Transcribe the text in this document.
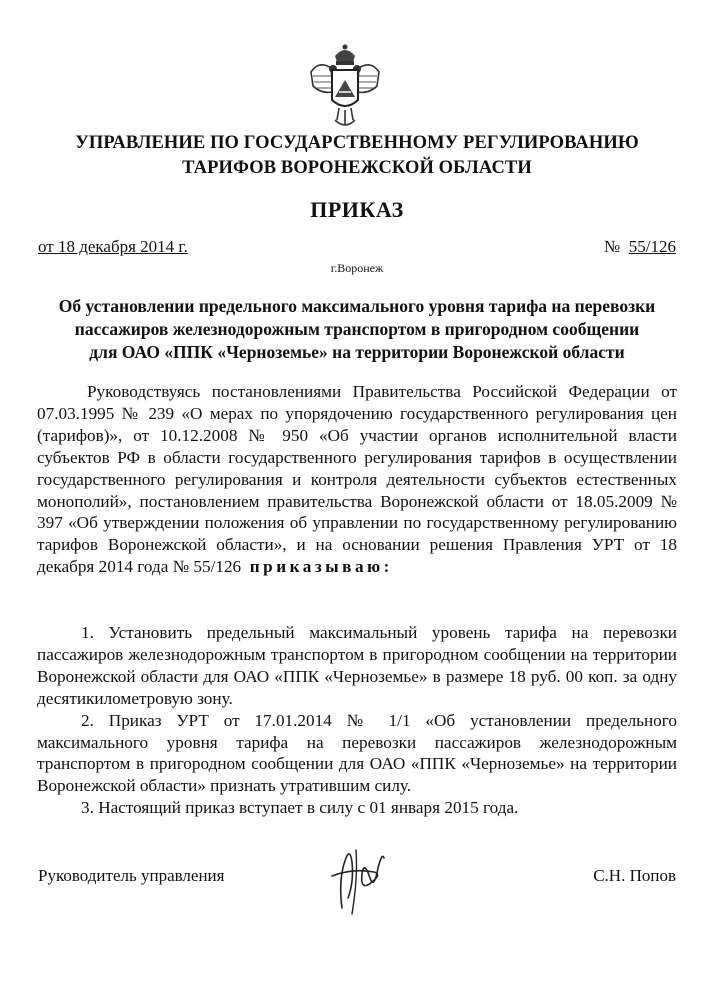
УПРАВЛЕНИЕ ПО ГОСУДАРСТВЕННОМУ РЕГУЛИРОВАНИЮ
ТАРИФОВ ВОРОНЕЖСКОЙ ОБЛАСТИ
ПРИКАЗ
от 18 декабря 2014 г.	№ 55/126
г.Воронеж
Об установлении предельного максимального уровня тарифа на перевозки
пассажиров железнодорожным транспортом в пригородном сообщении
для ОАО «ППК «Черноземье» на территории Воронежской области
Руководствуясь постановлениями Правительства Российской Федерации от 07.03.1995 № 239 «О мерах по упорядочению государственного регулирования цен (тарифов)», от 10.12.2008 № 950 «Об участии органов исполнительной власти субъектов РФ в области государственного регулирования тарифов в осуществлении государственного регулирования и контроля деятельности субъектов естественных монополий», постановлением правительства Воронежской области от 18.05.2009 № 397 «Об утверждении положения об управлении по государственному регулированию тарифов Воронежской области», и на основании решения Правления УРТ от 18 декабря 2014 года № 55/126 приказываю:

1. Установить предельный максимальный уровень тарифа на перевозки пассажиров железнодорожным транспортом в пригородном сообщении на территории Воронежской области для ОАО «ППК «Черноземье» в размере 18 руб. 00 коп. за одну десятикилометровую зону.

2. Приказ УРТ от 17.01.2014 № 1/1 «Об установлении предельного максимального уровня тарифа на перевозки пассажиров железнодорожным транспортом в пригородном сообщении для ОАО «ППК «Черноземье» на территории Воронежской области» признать утратившим силу.

3. Настоящий приказ вступает в силу с 01 января 2015 года.

Руководитель управления	С.Н. Попов
